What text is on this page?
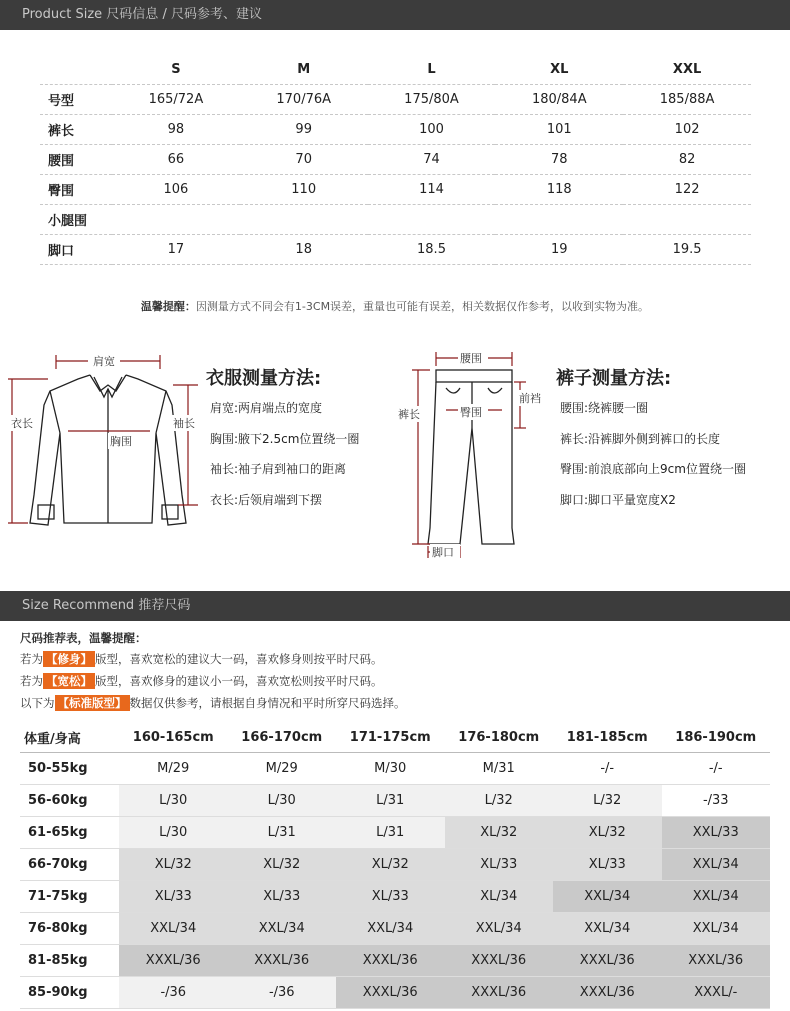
Product Size 尺码信息 / 尺码参考、建议
	S	M	L	XL	XXL
号型	165/72A	170/76A	175/80A	180/84A	185/88A
裤长	98	99	100	101	102
腰围	66	70	74	78	82
臀围	106	110	114	118	122
小腿围					
脚口	17	18	18.5	19	19.5
温馨提醒：因测量方式不同会有1-3CM误差，重量也可能有误差，相关数据仅作参考，以收到实物为准。
肩宽
衣长
胸围
袖长
衣服测量方法:
肩宽:两肩端点的宽度
胸围:腋下2.5cm位置绕一圈
袖长:袖子肩到袖口的距离
衣长:后领肩端到下摆
腰围
裤长	臀围
前裆
脚口
裤子测量方法:
腰围:绕裤腰一圈
裤长:沿裤脚外侧到裤口的长度
臀围:前浪底部向上9cm位置绕一圈
脚口:脚口平量宽度X2
Size Recommend 推荐尺码
尺码推荐表，温馨提醒：
若为 【修身】 版型，喜欢宽松的建议大一码，喜欢修身则按平时尺码。
若为 【宽松】 版型，喜欢修身的建议小一码，喜欢宽松则按平时尺码。
以下为 【标准版型】 数据仅供参考，请根据自身情况和平时所穿尺码选择。
体重/身高	160-165cm	166-170cm	171-175cm	176-180cm	181-185cm	186-190cm
50-55kg	M/29	M/29	M/30	M/31	-/-	-/-
56-60kg	L/30	L/30	L/31	L/32	L/32	-/33
61-65kg	L/30	L/31	L/31	XL/32	XL/32	XXL/33
66-70kg	XL/32	XL/32	XL/32	XL/33	XL/33	XXL/34
71-75kg	XL/33	XL/33	XL/33	XL/34	XXL/34	XXL/34
76-80kg	XXL/34	XXL/34	XXL/34	XXL/34	XXL/34	XXL/34
81-85kg	XXXL/36	XXXL/36	XXXL/36	XXXL/36	XXXL/36	XXXL/36
85-90kg	-/36	-/36	XXXL/36	XXXL/36	XXXL/36	XXXL/-
